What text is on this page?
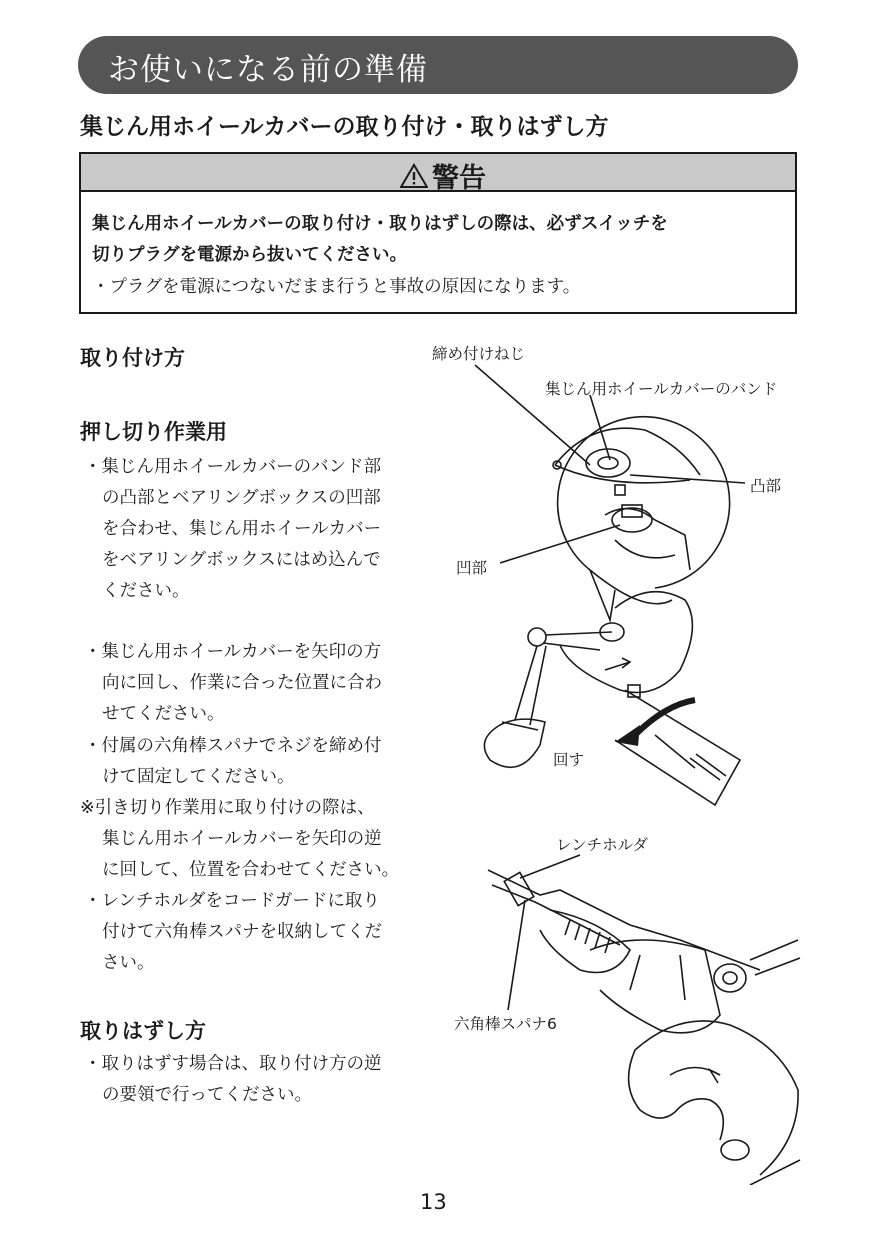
お使いになる前の準備
集じん用ホイールカバーの取り付け・取りはずし方
警告
集じん用ホイールカバーの取り付け・取りはずしの際は、必ずスイッチを
切りプラグを電源から抜いてください。
・プラグを電源につないだまま行うと事故の原因になります。
取り付け方
押し切り作業用
・集じん用ホイールカバーのバンド部

の凸部とベアリングボックスの凹部
を合わせ、集じん用ホイールカバー
をベアリングボックスにはめ込んで
ください。
・集じん用ホイールカバーを矢印の方

向に回し、作業に合った位置に合わ
せてください。
・付属の六角棒スパナでネジを締め付

けて固定してください。
※引き切り作業用に取り付けの際は、

集じん用ホイールカバーを矢印の逆
に回して、位置を合わせてください。
・レンチホルダをコードガードに取り

付けて六角棒スパナを収納してくだ
さい。
取りはずし方
・取りはずす場合は、取り付け方の逆

の要領で行ってください。
締め付けねじ
集じん用ホイールカバーのバンド
凸部
凹部
回す
レンチホルダ
六角棒スパナ6
13
